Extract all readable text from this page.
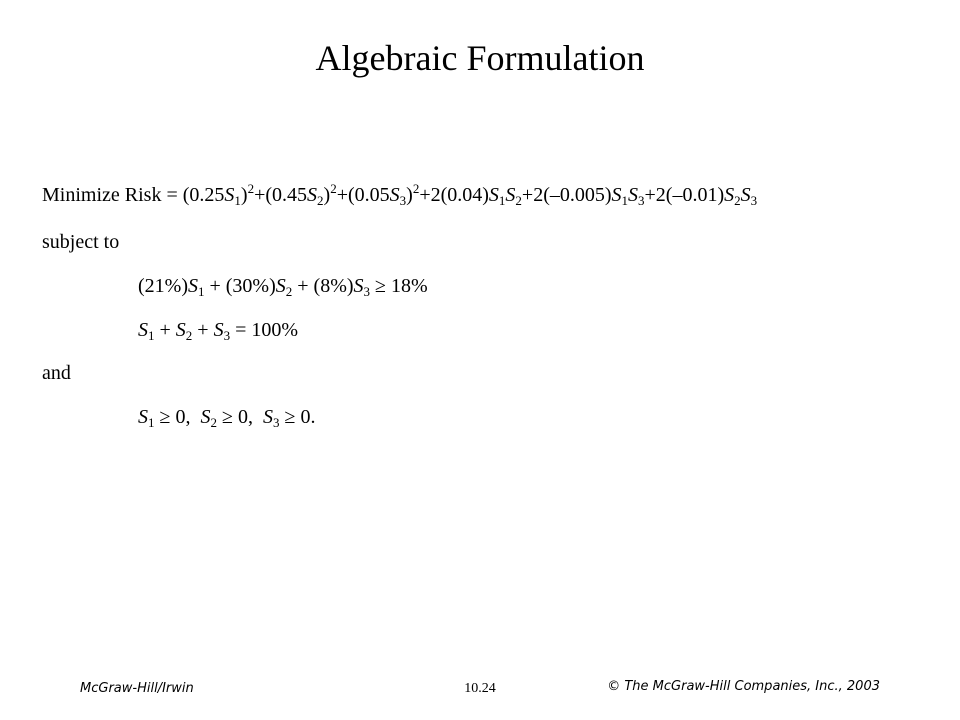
Algebraic Formulation
Minimize Risk = $(0.25S_1)^2+(0.45S_2)^2+(0.05S_3)^2+2(0.04)S_1S_2+2(-0.005)S_1S_3+2(-0.01)S_2S_3$
subject to
$(21\%)S_1 + (30\%)S_2 + (8\%)S_3 \ge 18\%$
$S_1 + S_2 + S_3 = 100\%$
and
$S_1 \ge 0$,  $S_2 \ge 0$,  $S_3 \ge 0$.
McGraw-Hill/Irwin	10.24	© The McGraw-Hill Companies, Inc., 2003
